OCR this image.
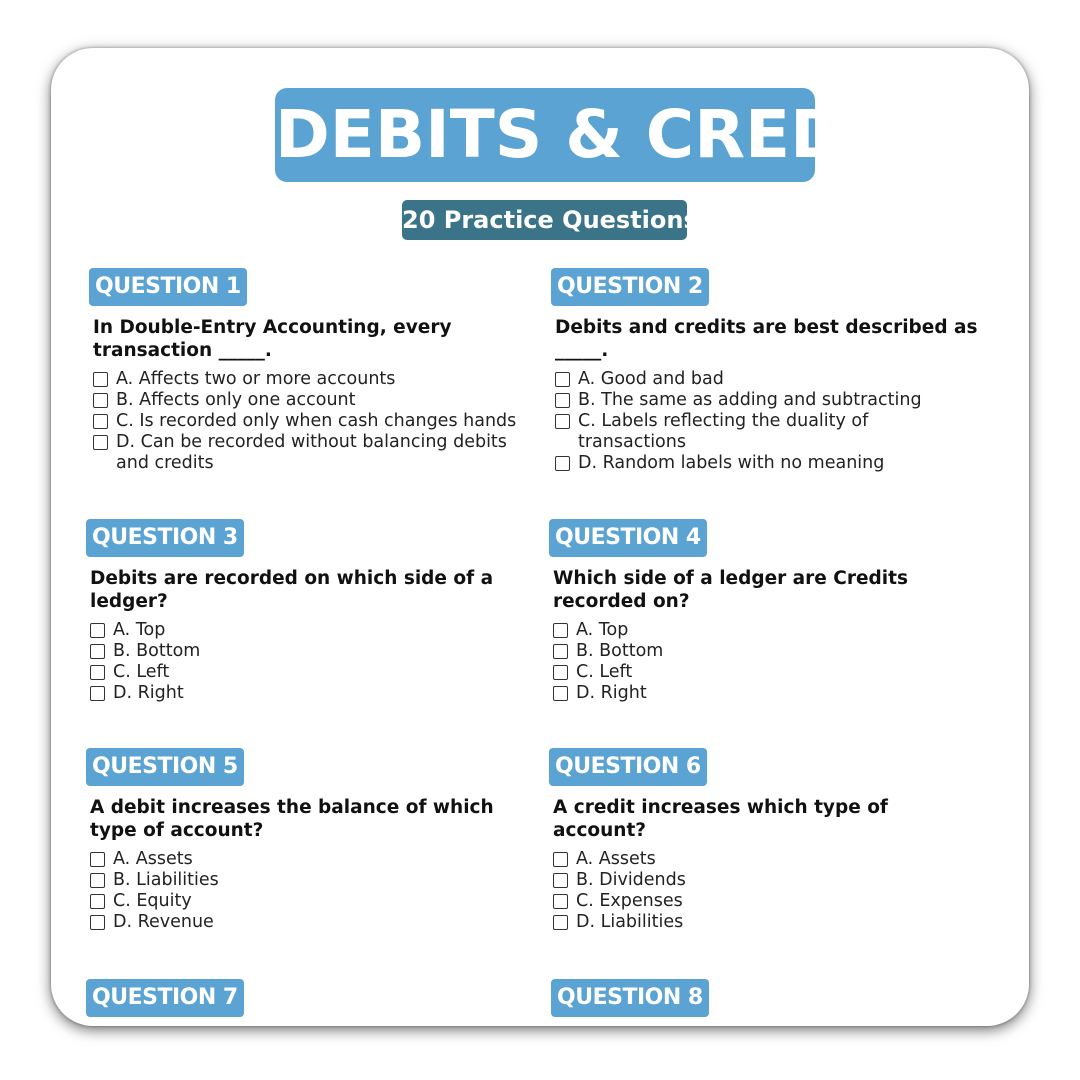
DEBITS & CREDITS
20 Practice Questions
QUESTION 1
In Double-Entry Accounting, every transaction _____.
A. Affects two or more accounts
B. Affects only one account
C. Is recorded only when cash changes hands
D. Can be recorded without balancing debits and credits
QUESTION 2
Debits and credits are best described as _____.
A. Good and bad
B. The same as adding and subtracting
C. Labels reflecting the duality of transactions
D. Random labels with no meaning
QUESTION 3
Debits are recorded on which side of a ledger?
A. Top
B. Bottom
C. Left
D. Right
QUESTION 4
Which side of a ledger are Credits recorded on?
A. Top
B. Bottom
C. Left
D. Right
QUESTION 5
A debit increases the balance of which type of account?
A. Assets
B. Liabilities
C. Equity
D. Revenue
QUESTION 6
A credit increases which type of account?
A. Assets
B. Dividends
C. Expenses
D. Liabilities
QUESTION 7	QUESTION 8
